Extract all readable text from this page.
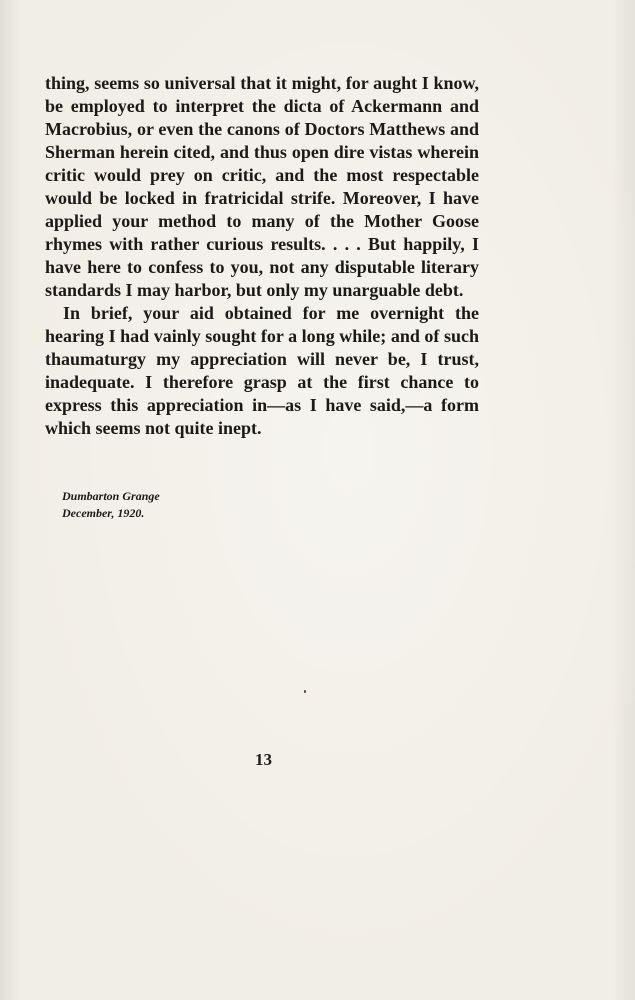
thing, seems so universal that it might, for aught I know, be employed to interpret the dicta of Ackermann and Macrobius, or even the canons of Doctors Matthews and Sherman herein cited, and thus open dire vistas wherein critic would prey on critic, and the most respectable would be locked in fratricidal strife. Moreover, I have applied your method to many of the Mother Goose rhymes with rather curious results. . . . But happily, I have here to confess to you, not any disputable literary standards I may harbor, but only my unarguable debt.

In brief, your aid obtained for me overnight the hearing I had vainly sought for a long while; and of such thaumaturgy my appreciation will never be, I trust, inadequate. I therefore grasp at the first chance to express this appreciation in—as I have said,—a form which seems not quite inept.

Dumbarton Grange
December, 1920.
13
